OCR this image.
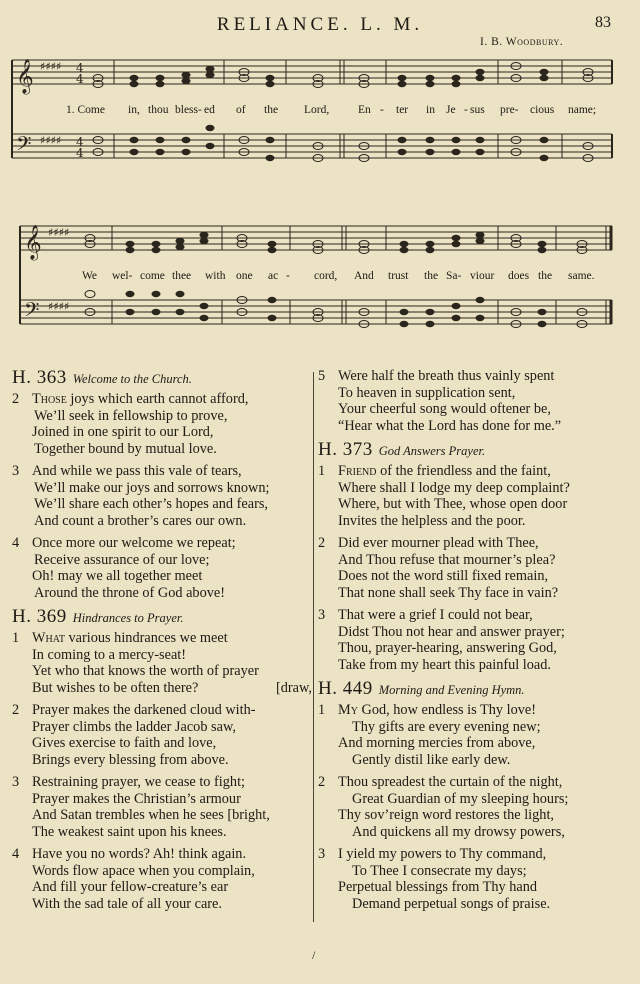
RELIANCE. L. M.	83
I. B. Woodbury.
𝄞
𝄢
♯♯♯♯
♯♯♯♯
4
4
4
4
1. Come in, thou bless- ed of the Lord,	En - ter in Je - sus pre- cious name;
𝄞
𝄢
♯♯♯♯
♯♯♯♯
We wel- come thee with one ac - cord, And trust the Sa- viour does the same.
H. 363 Welcome to the Church.
2 Those joys which earth cannot afford,
We’ll seek in fellowship to prove,
Joined in one spirit to our Lord,
Together bound by mutual love.
3 And while we pass this vale of tears,
We’ll make our joys and sorrows known;
We’ll share each other’s hopes and fears,
And count a brother’s cares our own.
4 Once more our welcome we repeat;
Receive assurance of our love;
Oh! may we all together meet
Around the throne of God above!
H. 369 Hindrances to Prayer.
1 What various hindrances we meet
In coming to a mercy-seat!
Yet who that knows the worth of prayer
But wishes to be often there?	[draw,
2 Prayer makes the darkened cloud with-
Prayer climbs the ladder Jacob saw,
Gives exercise to faith and love,
Brings every blessing from above.
3 Restraining prayer, we cease to fight;
Prayer makes the Christian’s armour
And Satan trembles when he sees [bright,
The weakest saint upon his knees.
4 Have you no words? Ah! think again.
Words flow apace when you complain,
And fill your fellow-creature’s ear
With the sad tale of all your care.
5 Were half the breath thus vainly spent
To heaven in supplication sent,
Your cheerful song would oftener be,
“Hear what the Lord has done for me.”
H. 373 God Answers Prayer.
1 Friend of the friendless and the faint,
Where shall I lodge my deep complaint?
Where, but with Thee, whose open door
Invites the helpless and the poor.
2 Did ever mourner plead with Thee,
And Thou refuse that mourner’s plea?
Does not the word still fixed remain,
That none shall seek Thy face in vain?
3 That were a grief I could not bear,
Didst Thou not hear and answer prayer;
Thou, prayer-hearing, answering God,
Take from my heart this painful load.
H. 449 Morning and Evening Hymn.
1 My God, how endless is Thy love!
Thy gifts are every evening new;
And morning mercies from above,
Gently distil like early dew.
2 Thou spreadest the curtain of the night,
Great Guardian of my sleeping hours;
Thy sov’reign word restores the light,
And quickens all my drowsy powers,
3 I yield my powers to Thy command,
To Thee I consecrate my days;
Perpetual blessings from Thy hand
Demand perpetual songs of praise.
/
